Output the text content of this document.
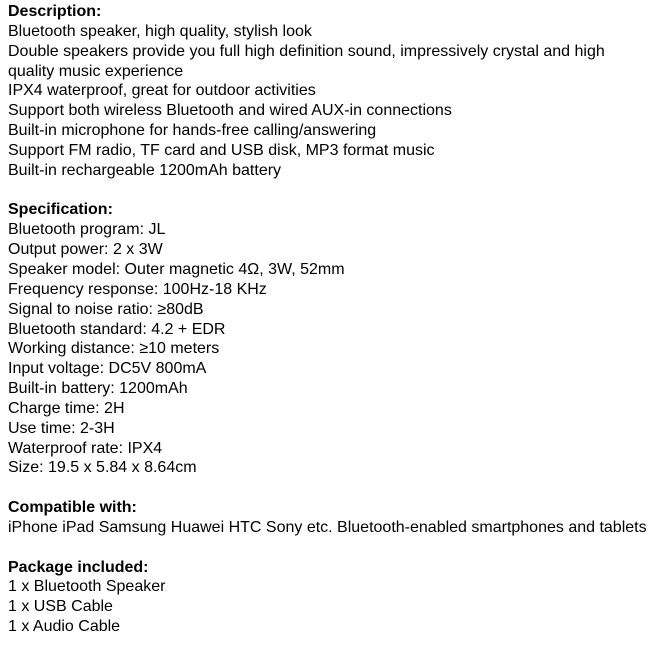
Description:
Bluetooth speaker, high quality, stylish look
Double speakers provide you full high definition sound, impressively crystal and high quality music experience
IPX4 waterproof, great for outdoor activities
Support both wireless Bluetooth and wired AUX-in connections
Built-in microphone for hands-free calling/answering
Support FM radio, TF card and USB disk, MP3 format music
Built-in rechargeable 1200mAh battery
Specification:
Bluetooth program: JL
Output power: 2 x 3W
Speaker model: Outer magnetic 4Ω, 3W, 52mm
Frequency response: 100Hz-18 KHz
Signal to noise ratio: ≥80dB
Bluetooth standard: 4.2 + EDR
Working distance: ≥10 meters
Input voltage: DC5V 800mA
Built-in battery: 1200mAh
Charge time: 2H
Use time: 2-3H
Waterproof rate: IPX4
Size: 19.5 x 5.84 x 8.64cm
Compatible with:
iPhone iPad Samsung Huawei HTC Sony etc. Bluetooth-enabled smartphones and tablets
Package included:
1 x Bluetooth Speaker
1 x USB Cable
1 x Audio Cable
